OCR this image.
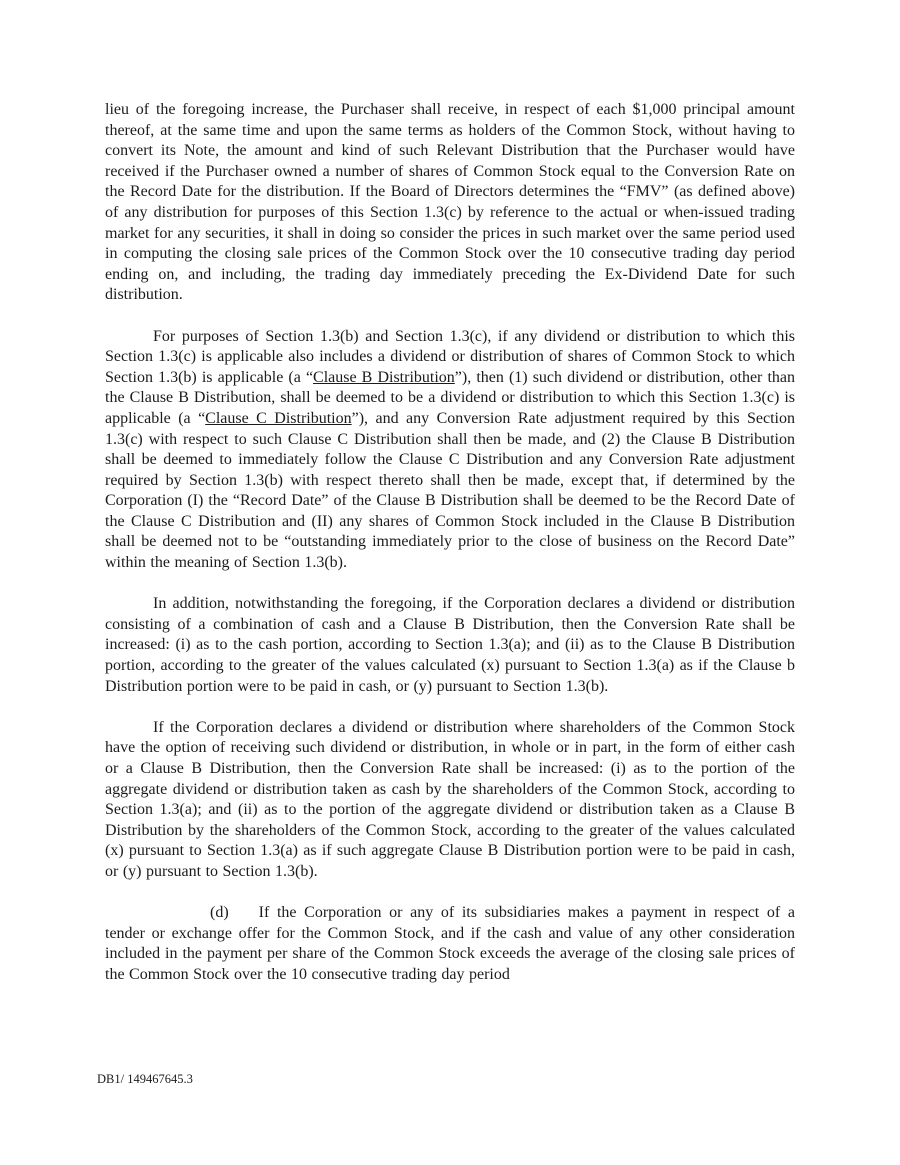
lieu of the foregoing increase, the Purchaser shall receive, in respect of each $1,000 principal amount thereof, at the same time and upon the same terms as holders of the Common Stock, without having to convert its Note, the amount and kind of such Relevant Distribution that the Purchaser would have received if the Purchaser owned a number of shares of Common Stock equal to the Conversion Rate on the Record Date for the distribution. If the Board of Directors determines the “FMV” (as defined above) of any distribution for purposes of this Section 1.3(c) by reference to the actual or when-issued trading market for any securities, it shall in doing so consider the prices in such market over the same period used in computing the closing sale prices of the Common Stock over the 10 consecutive trading day period ending on, and including, the trading day immediately preceding the Ex-Dividend Date for such distribution.

For purposes of Section 1.3(b) and Section 1.3(c), if any dividend or distribution to which this Section 1.3(c) is applicable also includes a dividend or distribution of shares of Common Stock to which Section 1.3(b) is applicable (a “Clause B Distribution”), then (1) such dividend or distribution, other than the Clause B Distribution, shall be deemed to be a dividend or distribution to which this Section 1.3(c) is applicable (a “Clause C Distribution”), and any Conversion Rate adjustment required by this Section 1.3(c) with respect to such Clause C Distribution shall then be made, and (2) the Clause B Distribution shall be deemed to immediately follow the Clause C Distribution and any Conversion Rate adjustment required by Section 1.3(b) with respect thereto shall then be made, except that, if determined by the Corporation (I) the “Record Date” of the Clause B Distribution shall be deemed to be the Record Date of the Clause C Distribution and (II) any shares of Common Stock included in the Clause B Distribution shall be deemed not to be “outstanding immediately prior to the close of business on the Record Date” within the meaning of Section 1.3(b).

In addition, notwithstanding the foregoing, if the Corporation declares a dividend or distribution consisting of a combination of cash and a Clause B Distribution, then the Conversion Rate shall be increased: (i) as to the cash portion, according to Section 1.3(a); and (ii) as to the Clause B Distribution portion, according to the greater of the values calculated (x) pursuant to Section 1.3(a) as if the Clause b Distribution portion were to be paid in cash, or (y) pursuant to Section 1.3(b).

If the Corporation declares a dividend or distribution where shareholders of the Common Stock have the option of receiving such dividend or distribution, in whole or in part, in the form of either cash or a Clause B Distribution, then the Conversion Rate shall be increased: (i) as to the portion of the aggregate dividend or distribution taken as cash by the shareholders of the Common Stock, according to Section 1.3(a); and (ii) as to the portion of the aggregate dividend or distribution taken as a Clause B Distribution by the shareholders of the Common Stock, according to the greater of the values calculated (x) pursuant to Section 1.3(a) as if such aggregate Clause B Distribution portion were to be paid in cash, or (y) pursuant to Section 1.3(b).

(d) If the Corporation or any of its subsidiaries makes a payment in respect of a tender or exchange offer for the Common Stock, and if the cash and value of any other consideration included in the payment per share of the Common Stock exceeds the average of the closing sale prices of the Common Stock over the 10 consecutive trading day period

DB1/ 149467645.3
